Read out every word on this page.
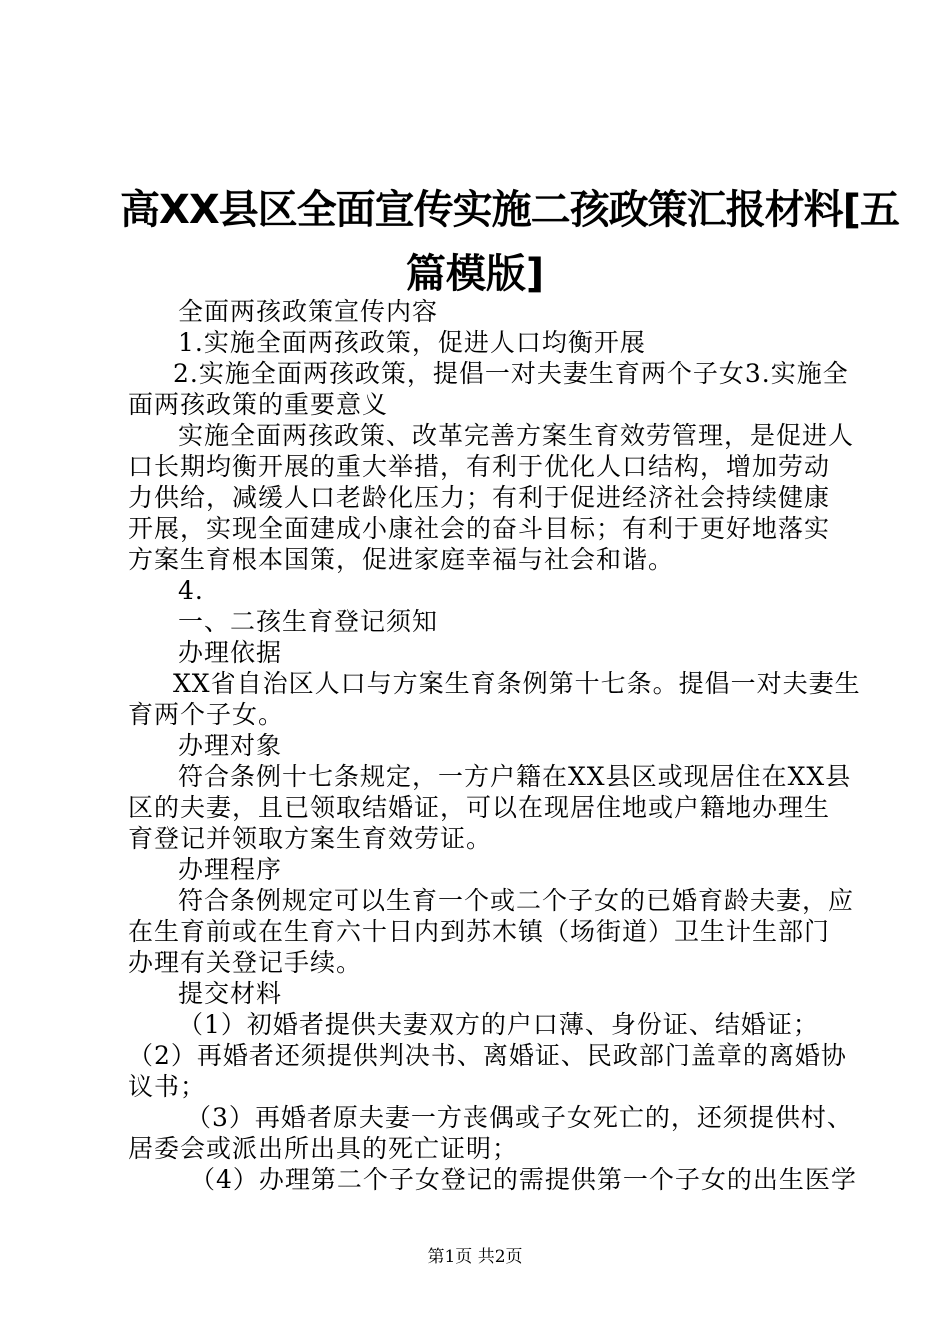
高XX县区全面宣传实施二孩政策汇报材料[五
篇模版]
全面两孩政策宣传内容
1.实施全面两孩政策，促进人口均衡开展
2.实施全面两孩政策，提倡一对夫妻生育两个子女3.实施全
面两孩政策的重要意义
实施全面两孩政策、改革完善方案生育效劳管理，是促进人
口长期均衡开展的重大举措，有利于优化人口结构，增加劳动
力供给，减缓人口老龄化压力；有利于促进经济社会持续健康
开展，实现全面建成小康社会的奋斗目标；有利于更好地落实
方案生育根本国策，促进家庭幸福与社会和谐。
4.
一、二孩生育登记须知
办理依据
XX省自治区人口与方案生育条例第十七条。提倡一对夫妻生
育两个子女。
办理对象
符合条例十七条规定，一方户籍在XX县区或现居住在XX县
区的夫妻，且已领取结婚证，可以在现居住地或户籍地办理生
育登记并领取方案生育效劳证。
办理程序
符合条例规定可以生育一个或二个子女的已婚育龄夫妻，应
在生育前或在生育六十日内到苏木镇（场街道）卫生计生部门
办理有关登记手续。
提交材料
（1）初婚者提供夫妻双方的户口薄、身份证、结婚证；
（2）再婚者还须提供判决书、离婚证、民政部门盖章的离婚协
议书；
（3）再婚者原夫妻一方丧偶或子女死亡的，还须提供村、
居委会或派出所出具的死亡证明；
（4）办理第二个子女登记的需提供第一个子女的出生医学
第1页 共2页
